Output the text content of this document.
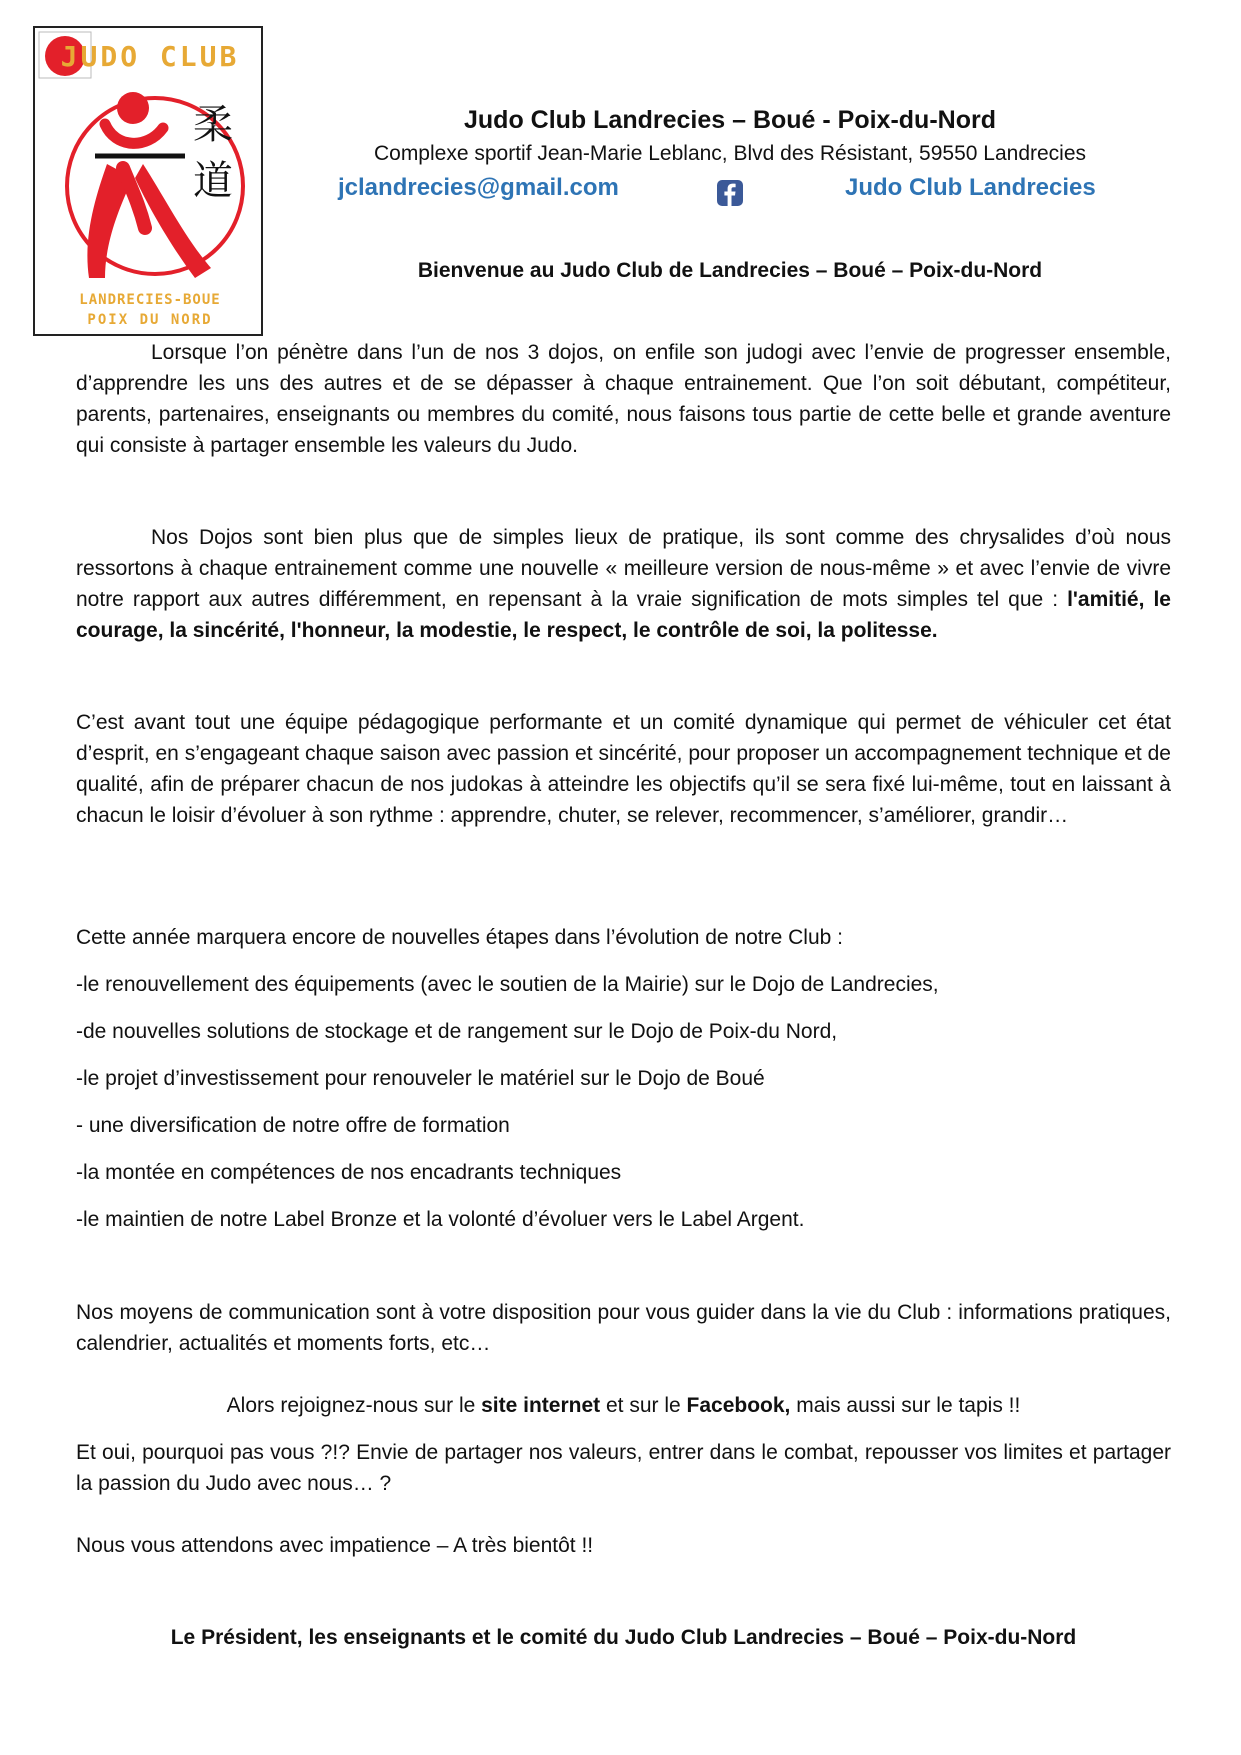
柔
道
JUDO CLUB
LANDRECIES-BOUE
POIX DU NORD
Judo Club Landrecies – Boué - Poix-du-Nord
Complexe sportif Jean-Marie Leblanc, Blvd des Résistant, 59550 Landrecies
jclandrecies@gmail.com	Judo Club Landrecies
Bienvenue au Judo Club de Landrecies – Boué – Poix-du-Nord

Lorsque l’on pénètre dans l’un de nos 3 dojos, on enfile son judogi avec l’envie de progresser ensemble, d’apprendre les uns des autres et de se dépasser à chaque entrainement. Que l’on soit débutant, compétiteur, parents, partenaires, enseignants ou membres du comité, nous faisons tous partie de cette belle et grande aventure qui consiste à partager ensemble les valeurs du Judo.

Nos Dojos sont bien plus que de simples lieux de pratique, ils sont comme des chrysalides d’où nous ressortons à chaque entrainement comme une nouvelle « meilleure version de nous-même » et avec l’envie de vivre notre rapport aux autres différemment, en repensant à la vraie signification de mots simples tel que : l'amitié, le courage, la sincérité, l'honneur, la modestie, le respect, le contrôle de soi, la politesse.

C’est avant tout une équipe pédagogique performante et un comité dynamique qui permet de véhiculer cet état d’esprit, en s’engageant chaque saison avec passion et sincérité, pour proposer un accompagnement technique et de qualité, afin de préparer chacun de nos judokas à atteindre les objectifs qu’il se sera fixé lui-même, tout en laissant à chacun le loisir d’évoluer à son rythme : apprendre, chuter, se relever, recommencer, s’améliorer, grandir…

Cette année marquera encore de nouvelles étapes dans l’évolution de notre Club :
-le renouvellement des équipements (avec le soutien de la Mairie) sur le Dojo de Landrecies,
-de nouvelles solutions de stockage et de rangement sur le Dojo de Poix-du Nord,
-le projet d’investissement pour renouveler le matériel sur le Dojo de Boué
- une diversification de notre offre de formation
-la montée en compétences de nos encadrants techniques
-le maintien de notre Label Bronze et la volonté d’évoluer vers le Label Argent.

Nos moyens de communication sont à votre disposition pour vous guider dans la vie du Club : informations pratiques, calendrier, actualités et moments forts, etc…

Alors rejoignez-nous sur le site internet et sur le Facebook, mais aussi sur le tapis !!

Et oui, pourquoi pas vous ?!? Envie de partager nos valeurs, entrer dans le combat, repousser vos limites et partager la passion du Judo avec nous… ?

Nous vous attendons avec impatience – A très bientôt !!
Le Président, les enseignants et le comité du Judo Club Landrecies – Boué – Poix-du-Nord
